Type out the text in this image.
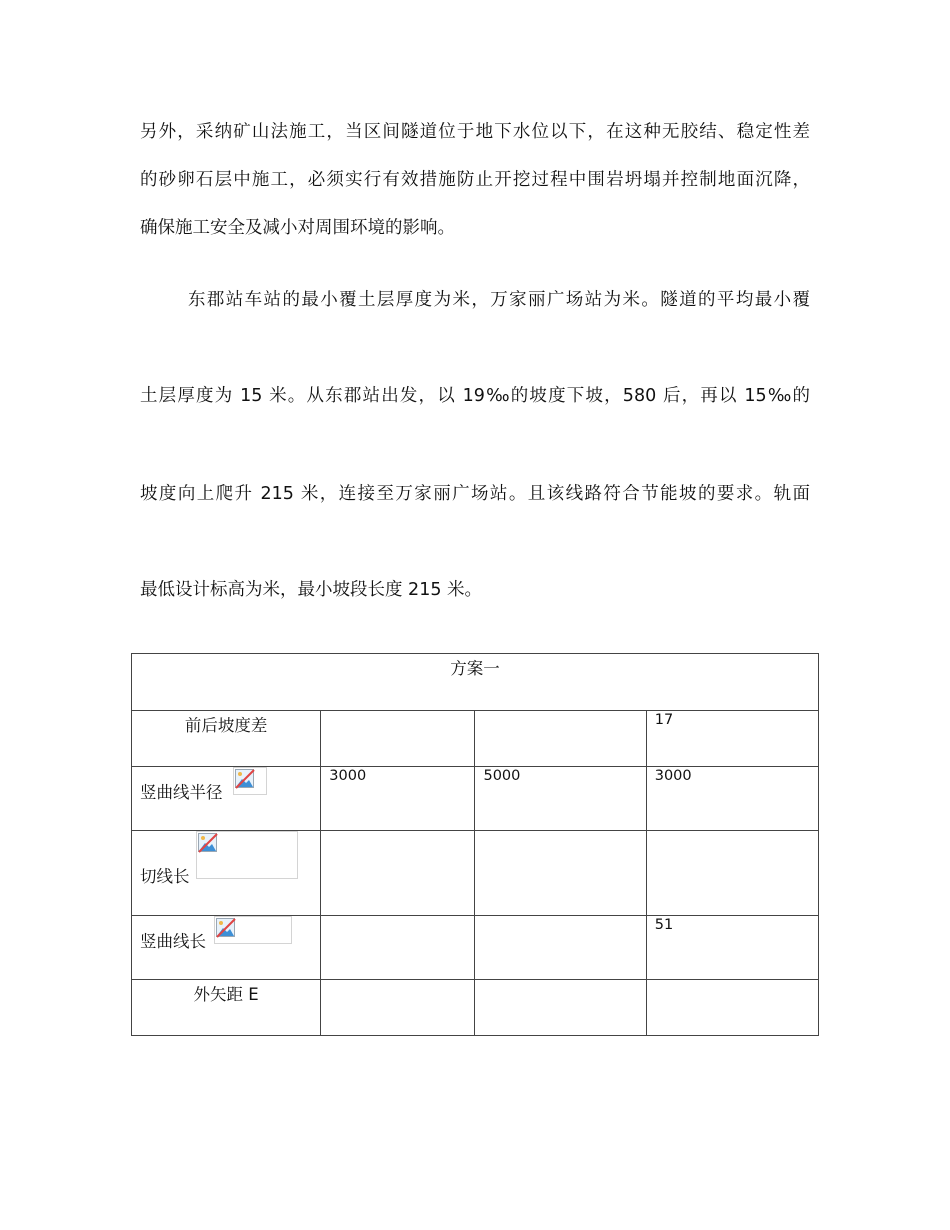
另外，采纳矿山法施工，当区间隧道位于地下水位以下，在这种无胶结、稳定性差
的砂卵石层中施工，必须实行有效措施防止开挖过程中围岩坍塌并控制地面沉降，
确保施工安全及减小对周围环境的影响。
东郡站车站的最小覆土层厚度为米，万家丽广场站为米。隧道的平均最小覆
土层厚度为 15 米。从东郡站出发，以 19‰的坡度下坡，580 后，再以 15‰的
坡度向上爬升 215 米，连接至万家丽广场站。且该线路符合节能坡的要求。轨面
最低设计标高为米，最小坡段长度 215 米。
方案一			
前后坡度差			17

竖曲线半径	3000	5000	3000

切线长			

竖曲线长			51

外矢距 E	
